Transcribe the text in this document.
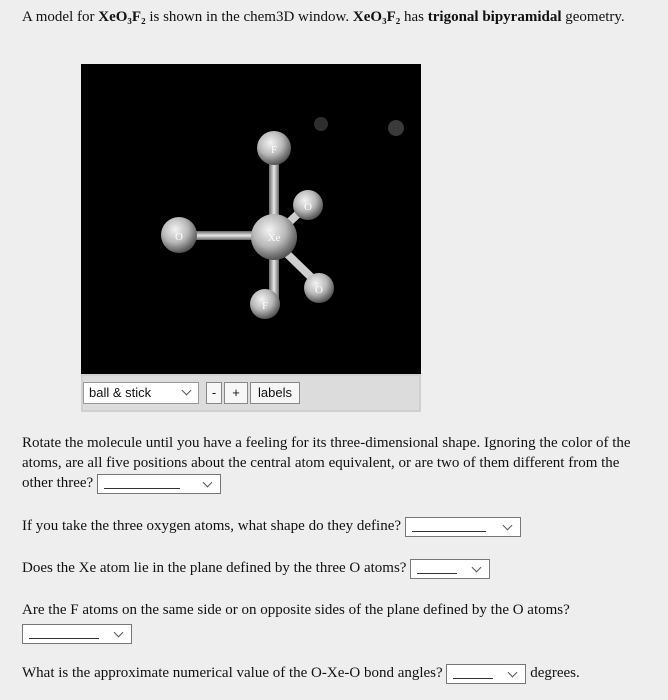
A model for XeO₃F₂ is shown in the chem3D window. XeO₃F₂ has trigonal bipyramidal geometry.
F
O
O	Xe
O
F
ball & stick	-	+	labels
Rotate the molecule until you have a feeling for its three-dimensional shape. Ignoring the color of the atoms, are all five positions about the central atom equivalent, or are two of them different from the other three?
If you take the three oxygen atoms, what shape do they define?
Does the Xe atom lie in the plane defined by the three O atoms?
Are the F atoms on the same side or on opposite sides of the plane defined by the O atoms?

What is the approximate numerical value of the O-Xe-O bond angles?	degrees.
